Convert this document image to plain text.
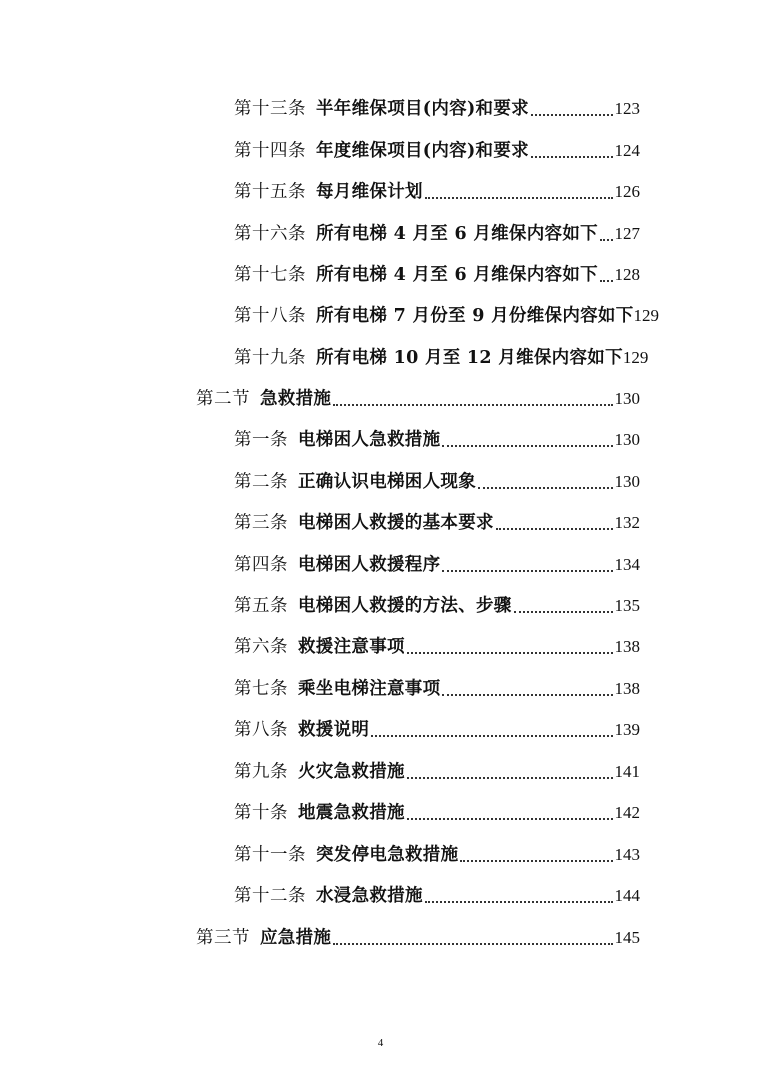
第十三条 半年维保项目(内容)和要求	123
第十四条 年度维保项目(内容)和要求	124
第十五条 每月维保计划	126
第十六条 所有电梯 4 月至 6 月维保内容如下 127
第十七条 所有电梯 4 月至 6 月维保内容如下 128
第十八条 所有电梯 7 月份至 9 月份维保内容如下 129
第十九条 所有电梯 10 月至 12 月维保内容如下 129
第二节 急救措施	130
第一条 电梯困人急救措施	130
第二条 正确认识电梯困人现象	130
第三条 电梯困人救援的基本要求	132
第四条 电梯困人救援程序	134
第五条 电梯困人救援的方法、步骤	135
第六条 救援注意事项	138
第七条 乘坐电梯注意事项	138
第八条 救援说明	139
第九条 火灾急救措施	141
第十条 地震急救措施	142
第十一条 突发停电急救措施	143
第十二条 水浸急救措施	144
第三节 应急措施	145
4
